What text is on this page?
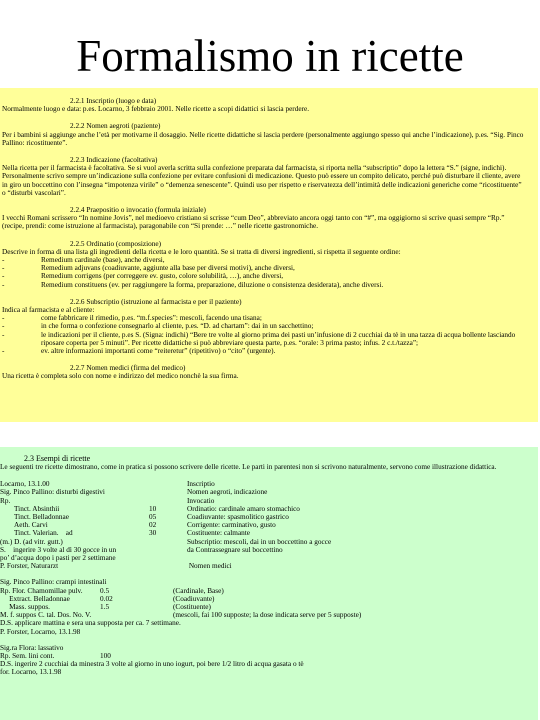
Formalismo in ricette
2.2.1 Inscriptio (luogo e data)
Normalmente luogo e data: p.es. Locarno, 3 febbraio 2001. Nelle ricette a scopi didattici si lascia perdere.
2.2.2 Nomen aegroti (paziente)
Per i bambini si aggiunge anche l’età per motivarne il dosaggio. Nelle ricette didattiche si lascia perdere (personalmente aggiungo spesso qui anche l’indicazione), p.es. “Sig. Pinco Pallino: ricostituente”.
2.2.3 Indicazione (facoltativa)
Nella ricetta per il farmacista è facoltativa. Se si vuol averla scritta sulla confezione preparata dal farmacista, si riporta nella “subscriptio” dopo la lettera “S.” (signe, indichi). Personalmente scrivo sempre un’indicazione sulla confezione per evitare confusioni di medicazione. Questo può essere un compito delicato, perché può disturbare il cliente, avere in giro un boccettino con l’insegna “impotenza virile” o “demenza senescente”. Quindi uso per rispetto e riservatezza dell’intimità delle indicazioni generiche come “ricostituente” o “disturbi vascolari”.
2.2.4 Praepositio o invocatio (formula iniziale)
I vecchi Romani scrissero “In nomine Jovis”, nel medioevo cristiano si scrisse “cum Deo”, abbreviato ancora oggi tanto con “#”, ma oggigiorno si scrive quasi sempre “Rp.” (recipe, prendi: come istruzione al farmacista), paragonabile con “Si prende: …” nelle ricette gastronomiche.
2.2.5 Ordinatio (composizione)
Descrive in forma di una lista gli ingredienti della ricetta e le loro quantità. Se si tratta di diversi ingredienti, si rispetta il seguente ordine:
- Remedium cardinale (base), anche diversi,
- Remedium adjuvans (coadiuvante, aggiunte alla base per diversi motivi), anche diversi,
- Remedium corrigens (per correggere ev. gusto, colore solubilità, …), anche diversi,
- Remedium constituens (ev. per raggiungere la forma, preparazione, diluzione o consistenza desiderata), anche diversi.
2.2.6 Subscriptio (istruzione al farmacista e per il paziente)
Indica al farmacista e al cliente:
- come fabbricare il rimedio, p.es. “m.f.species”: mescoli, facendo una tisana;
- in che forma o confezione consegnarlo al cliente, p.es. “D. ad chartam”: dai in un sacchettino;
- le indicazioni per il cliente, p.es S. (Signa: indichi) “Bere tre volte al giorno prima dei pasti un’infusione di 2 cucchiai da tè in una tazza di acqua bollente lasciando riposare coperta per 5 minuti”. Per ricette didattiche si può abbreviare questa parte, p.es. “orale: 3 prima pasto; infus. 2 c.t./tazza”;
- ev. altre informazioni importanti come “reiteretur” (ripetitivo) o “cito” (urgente).
2.2.7 Nomen medici (firma del medico)
Una ricetta è completa solo con nome e indirizzo del medico nonchè la sua firma.
2.3 Esempi di ricette
Le seguenti tre ricette dimostrano, come in pratica si possono scrivere delle ricette. Le parti in parentesi non si scrivono naturalmente, servono come illustrazione didattica.
Locarno, 13.1.00	Inscriptio
Sig. Pinco Pallino: disturbi digestivi	Nomen aegroti, indicazione
Rp.	Invocatio
Tinct. Absinthii	10	Ordinatio: cardinale amaro stomachico
Tinct. Belladonnae	05	Coadiuvante: spasmolitico gastrico
Aeth. Carvi	02	Corrigente: carminativo, gusto
Tinct. Valerian.    ad	30	Costituente: calmante
(m.) D. (ad vitr. gutt.)	Subscriptio: mescoli, dai in un boccettino a gocce
S.    ingerire 3 volte al dì 30 gocce in un	da Contrassegnare sul boccettino
po’ d’acqua dopo i pasti per 2 settimane
P. Forster, Naturarzt	Nomen medici
Sig. Pinco Pallino: crampi intestinali
Rp. Flor. Chamomillae pulv.	0.5	(Cardinale, Base)
Extract. Belladonnae	0.02	(Coadiuvante)
Mass. suppos.	1.5	(Costituente)
M. f. suppos C. tal. Dos. No. V.	(mescoli, fai 100 supposte; la dose indicata serve per 5 supposte)
D.S. applicare mattina e sera una supposta per ca. 7 settimane.
P. Forster, Locarno, 13.1.98
Sig.ra Flora: lassativo
Rp. Sem. lini cont.	100
D.S. ingerire 2 cucchiai da minestra 3 volte al giorno in uno iogurt, poi bere 1/2 litro di acqua gasata o tè
for. Locarno, 13.1.98
